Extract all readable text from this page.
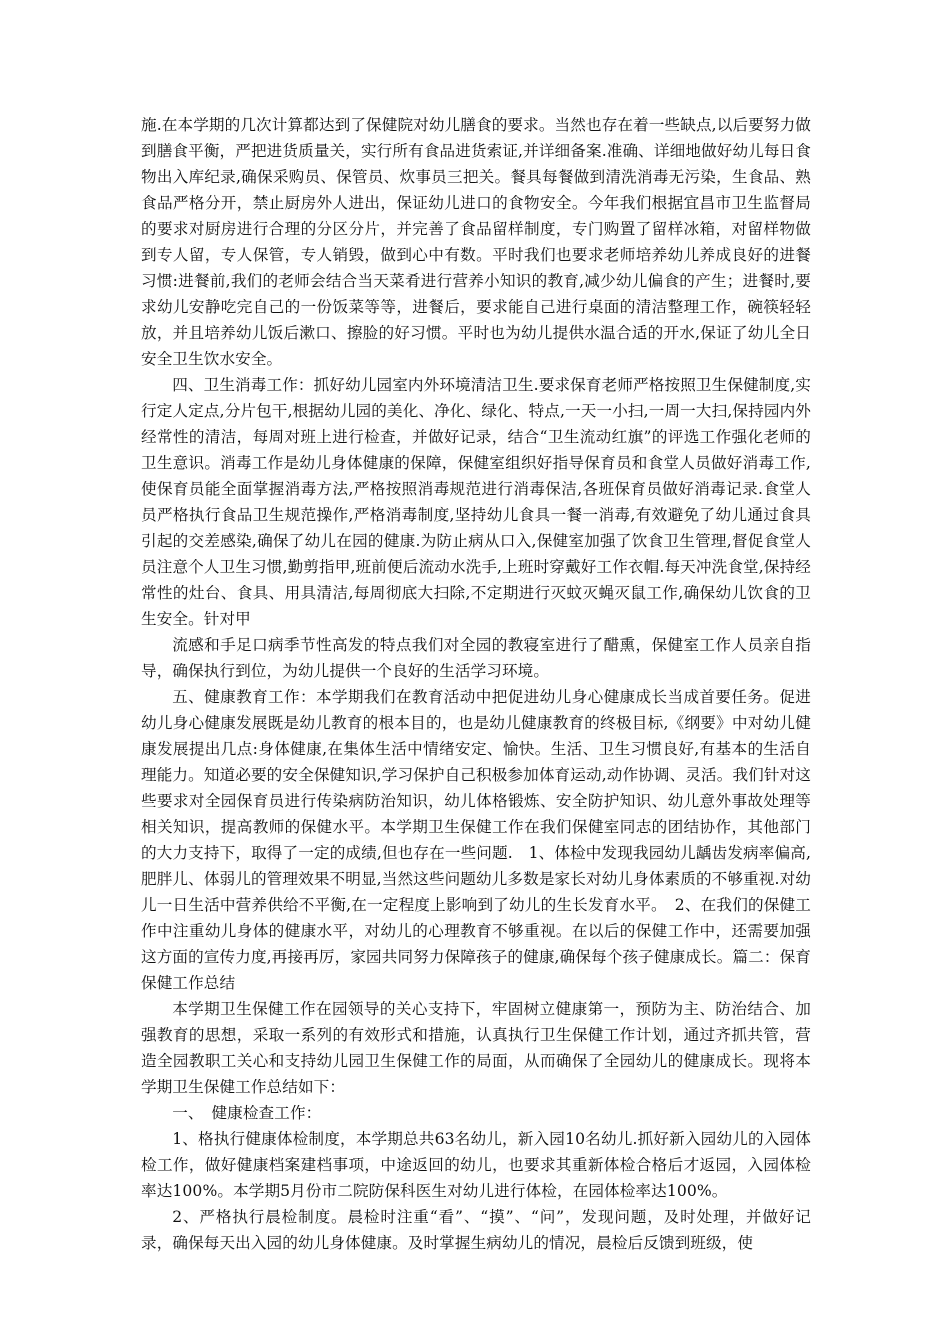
施.在本学期的几次计算都达到了保健院对幼儿膳食的要求。当然也存在着一些缺点,以后要努力做到膳食平衡，严把进货质量关，实行所有食品进货索证,并详细备案.准确、详细地做好幼儿每日食物出入库纪录,确保采购员、保管员、炊事员三把关。餐具每餐做到清洗消毒无污染，生食品、熟食品严格分开，禁止厨房外人进出，保证幼儿进口的食物安全。今年我们根据宜昌市卫生监督局的要求对厨房进行合理的分区分片，并完善了食品留样制度，专门购置了留样冰箱，对留样物做到专人留，专人保管，专人销毁，做到心中有数。平时我们也要求老师培养幼儿养成良好的进餐习惯:进餐前,我们的老师会结合当天菜肴进行营养小知识的教育,减少幼儿偏食的产生；进餐时,要求幼儿安静吃完自己的一份饭菜等等，进餐后，要求能自己进行桌面的清洁整理工作，碗筷轻轻放，并且培养幼儿饭后漱口、擦脸的好习惯。平时也为幼儿提供水温合适的开水,保证了幼儿全日安全卫生饮水安全。

四、卫生消毒工作：抓好幼儿园室内外环境清洁卫生.要求保育老师严格按照卫生保健制度,实行定人定点,分片包干,根据幼儿园的美化、净化、绿化、特点,一天一小扫,一周一大扫,保持园内外经常性的清洁，每周对班上进行检查，并做好记录，结合“卫生流动红旗”的评选工作强化老师的卫生意识。消毒工作是幼儿身体健康的保障，保健室组织好指导保育员和食堂人员做好消毒工作,使保育员能全面掌握消毒方法,严格按照消毒规范进行消毒保洁,各班保育员做好消毒记录.食堂人员严格执行食品卫生规范操作,严格消毒制度,坚持幼儿食具一餐一消毒,有效避免了幼儿通过食具引起的交差感染,确保了幼儿在园的健康.为防止病从口入,保健室加强了饮食卫生管理,督促食堂人员注意个人卫生习惯,勤剪指甲,班前便后流动水洗手,上班时穿戴好工作衣帽.每天冲洗食堂,保持经常性的灶台、食具、用具清洁,每周彻底大扫除,不定期进行灭蚊灭蝇灭鼠工作,确保幼儿饮食的卫生安全。针对甲

流感和手足口病季节性高发的特点我们对全园的教寝室进行了醋熏，保健室工作人员亲自指导，确保执行到位，为幼儿提供一个良好的生活学习环境。

五、健康教育工作：本学期我们在教育活动中把促进幼儿身心健康成长当成首要任务。促进幼儿身心健康发展既是幼儿教育的根本目的，也是幼儿健康教育的终极目标,《纲要》中对幼儿健康发展提出几点:身体健康,在集体生活中情绪安定、愉快。生活、卫生习惯良好,有基本的生活自理能力。知道必要的安全保健知识,学习保护自己积极参加体育运动,动作协调、灵活。我们针对这些要求对全园保育员进行传染病防治知识，幼儿体格锻炼、安全防护知识、幼儿意外事故处理等相关知识，提高教师的保健水平。本学期卫生保健工作在我们保健室同志的团结协作，其他部门的大力支持下，取得了一定的成绩,但也存在一些问题.　1、体检中发现我园幼儿龋齿发病率偏高,肥胖儿、体弱儿的管理效果不明显,当然这些问题幼儿多数是家长对幼儿身体素质的不够重视.对幼儿一日生活中营养供给不平衡,在一定程度上影响到了幼儿的生长发育水平。　2、在我们的保健工作中注重幼儿身体的健康水平，对幼儿的心理教育不够重视。在以后的保健工作中，还需要加强这方面的宣传力度,再接再厉，家园共同努力保障孩子的健康,确保每个孩子健康成长。篇二：保育保健工作总结

本学期卫生保健工作在园领导的关心支持下，牢固树立健康第一，预防为主、防治结合、加强教育的思想，采取一系列的有效形式和措施，认真执行卫生保健工作计划，通过齐抓共管，营造全园教职工关心和支持幼儿园卫生保健工作的局面，从而确保了全园幼儿的健康成长。现将本学期卫生保健工作总结如下：

一、　健康检查工作：

1、格执行健康体检制度，本学期总共63名幼儿，新入园10名幼儿.抓好新入园幼儿的入园体检工作，做好健康档案建档事项，中途返回的幼儿，也要求其重新体检合格后才返园，入园体检率达100%。本学期5月份市二院防保科医生对幼儿进行体检，在园体检率达100%。

2、严格执行晨检制度。晨检时注重“看”、“摸”、“问”，发现问题，及时处理，并做好记录，确保每天出入园的幼儿身体健康。及时掌握生病幼儿的情况，晨检后反馈到班级，使
